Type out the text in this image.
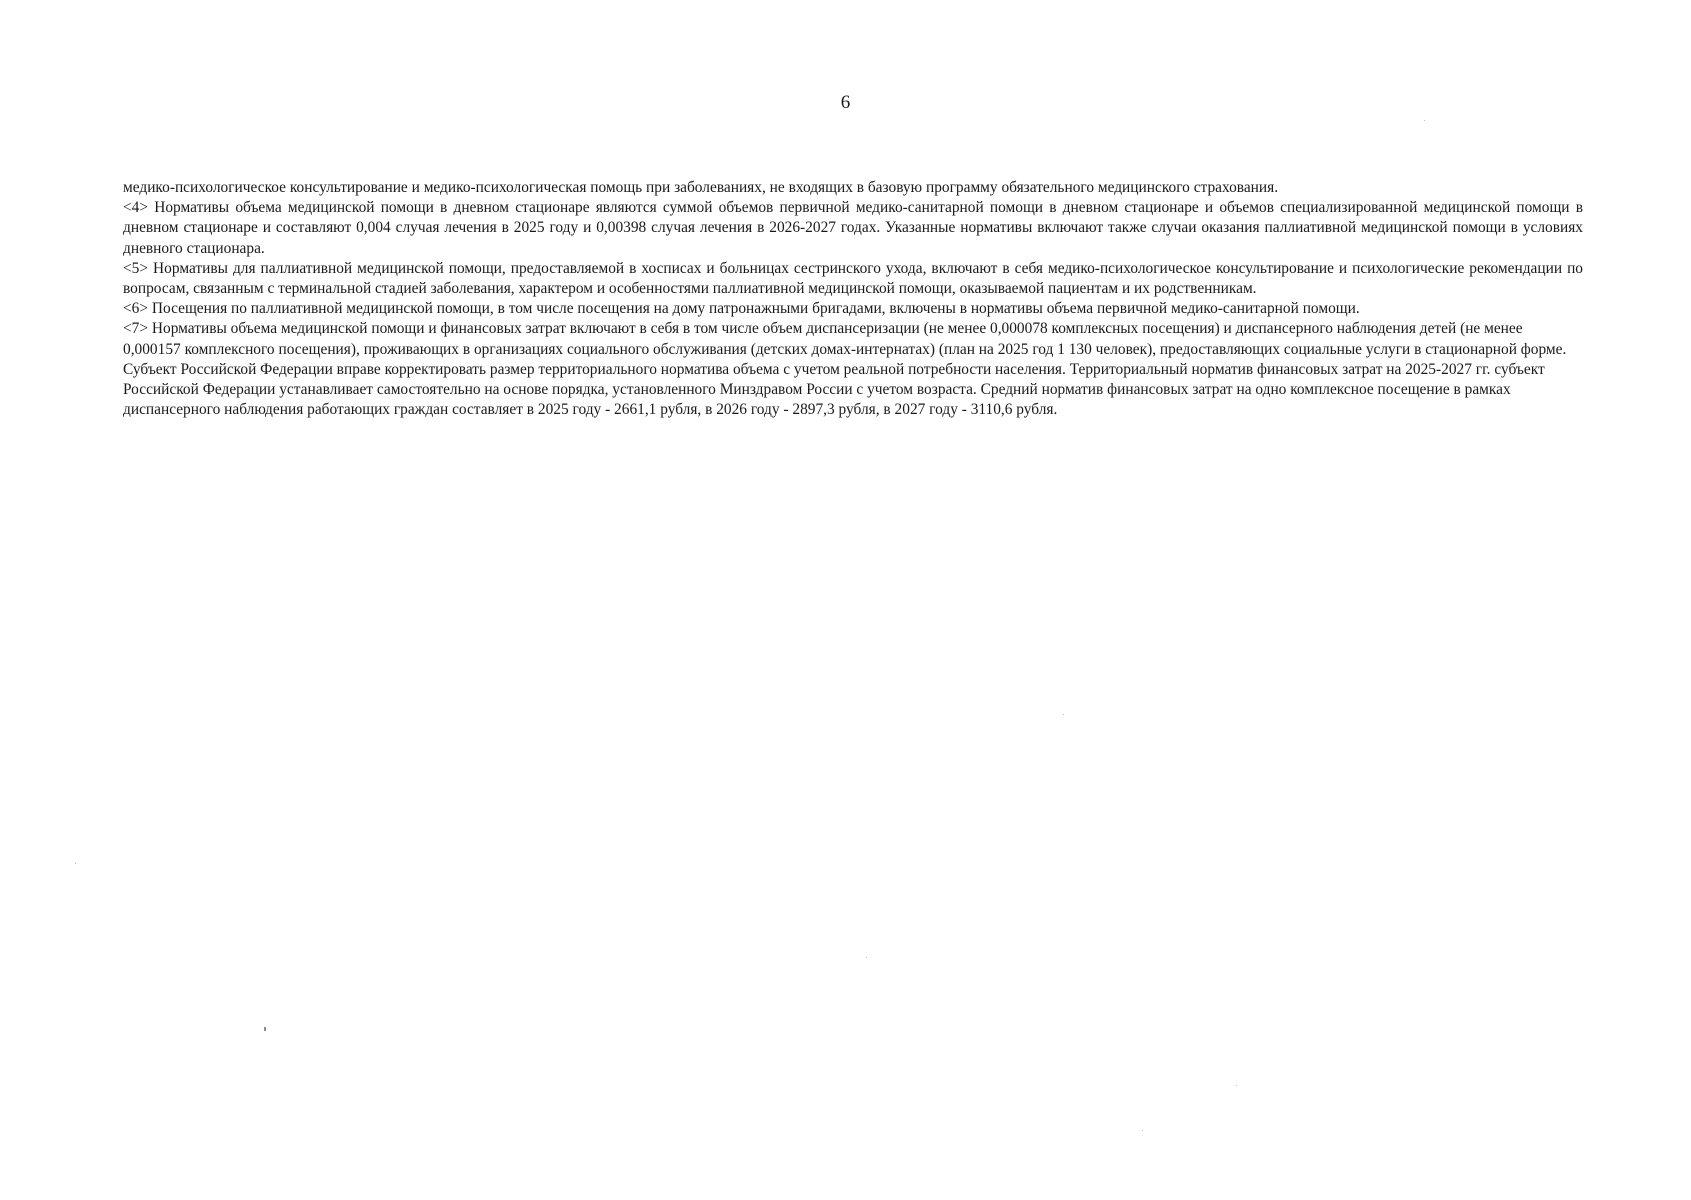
6

медико-психологическое консультирование и медико-психологическая помощь при заболеваниях, не входящих в базовую программу обязательного медицинского страхования.

<4> Нормативы объема медицинской помощи в дневном стационаре являются суммой объемов первичной медико-санитарной помощи в дневном стационаре и объемов специализированной медицинской помощи в дневном стационаре и составляют 0,004 случая лечения в 2025 году и 0,00398 случая лечения в 2026-2027 годах. Указанные нормативы включают также случаи оказания паллиативной медицинской помощи в условиях дневного стационара.

<5> Нормативы для паллиативной медицинской помощи, предоставляемой в хосписах и больницах сестринского ухода, включают в себя медико-психологическое консультирование и психологические рекомендации по вопросам, связанным с терминальной стадией заболевания, характером и особенностями паллиативной медицинской помощи, оказываемой пациентам и их родственникам.

<6> Посещения по паллиативной медицинской помощи, в том числе посещения на дому патронажными бригадами, включены в нормативы объема первичной медико-санитарной помощи.

<7> Нормативы объема медицинской помощи и финансовых затрат включают в себя в том числе объем диспансеризации (не менее 0,000078 комплексных посещения) и диспансерного наблюдения детей (не менее 0,000157 комплексного посещения), проживающих в организациях социального обслуживания (детских домах-интернатах) (план на 2025 год 1 130 человек), предоставляющих социальные услуги в стационарной форме. Субъект Российской Федерации вправе корректировать размер территориального норматива объема с учетом реальной потребности населения. Территориальный норматив финансовых затрат на 2025-2027 гг. субъект Российской Федерации устанавливает самостоятельно на основе порядка, установленного Минздравом России с учетом возраста. Средний норматив финансовых затрат на одно комплексное посещение в рамках диспансерного наблюдения работающих граждан составляет в 2025 году - 2661,1 рубля, в 2026 году - 2897,3 рубля, в 2027 году - 3110,6 рубля.
